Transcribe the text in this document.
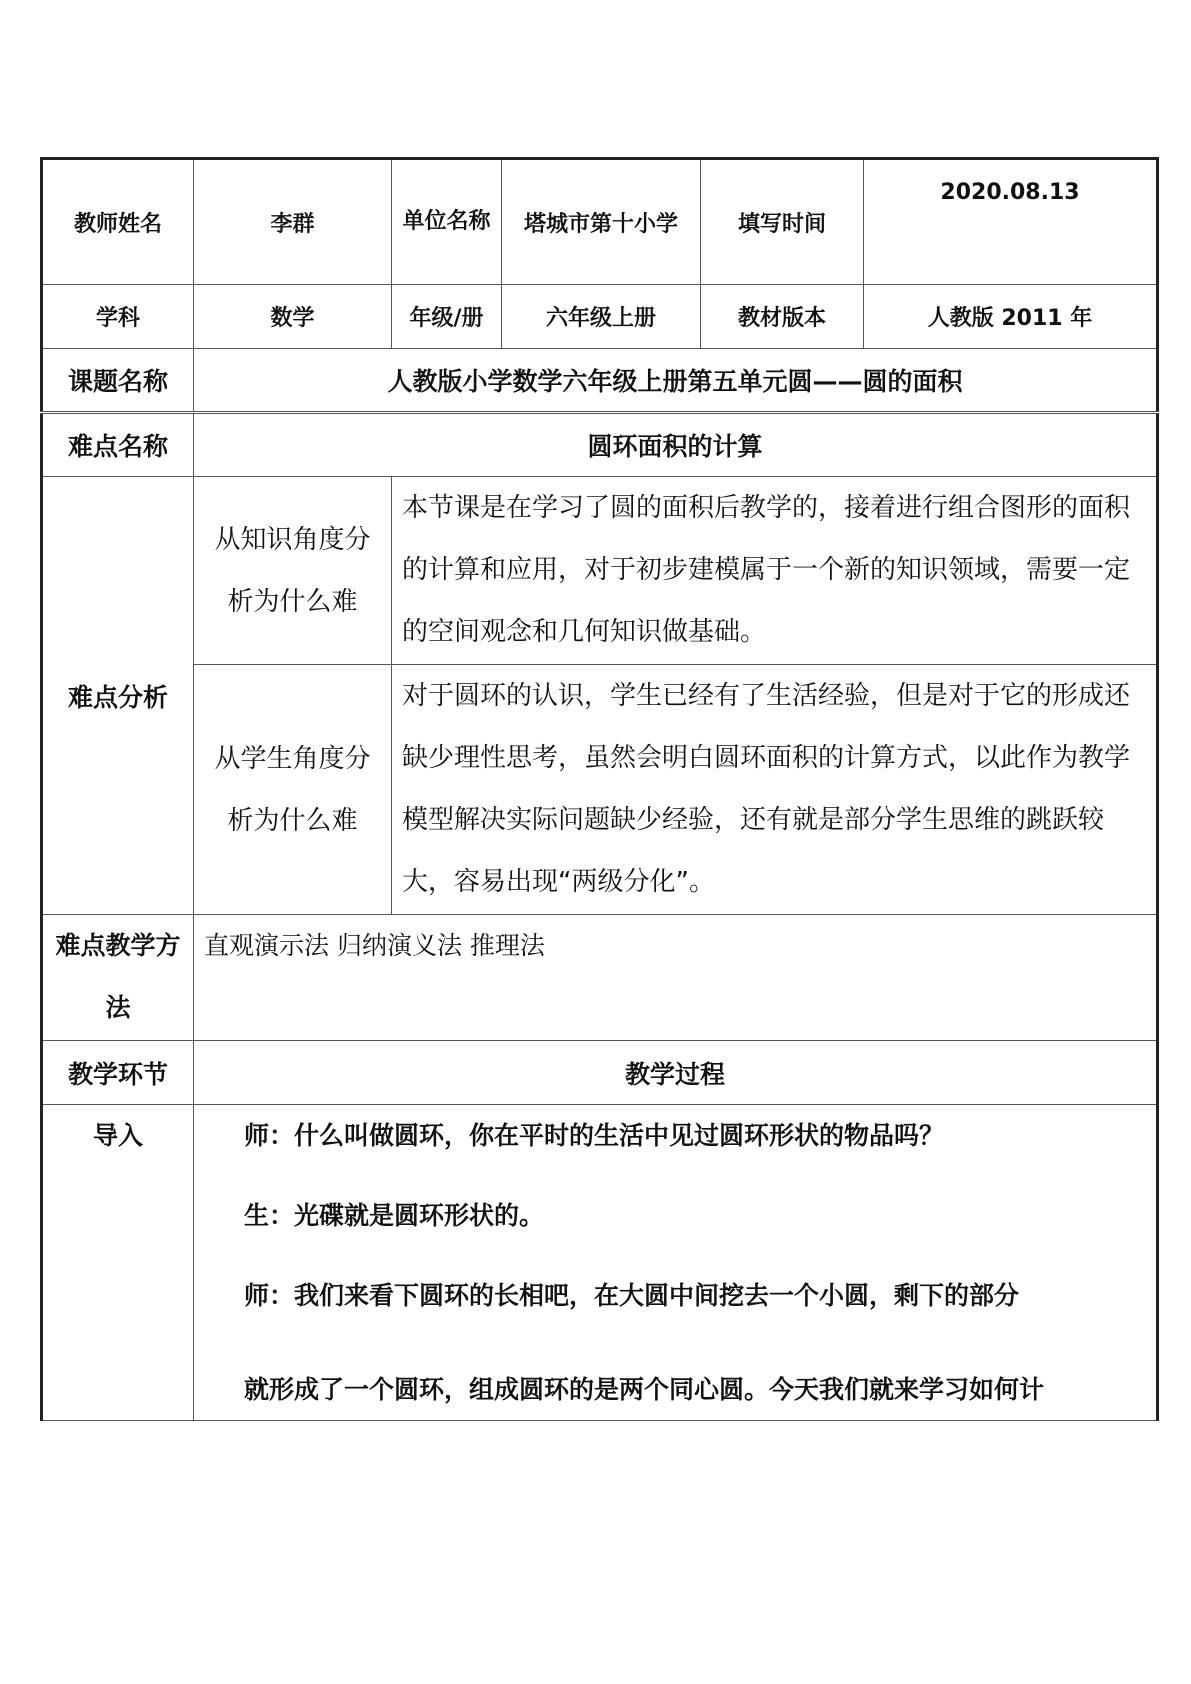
教师姓名	李群	单位名称	塔城市第十小学	填写时间	2020.08.13
学科	数学	年级/册	六年级上册	教材版本	人教版 2011 年
课题名称	人教版小学数学六年级上册第五单元圆——圆的面积				
难点名称	圆环面积的计算				
难点分析	从知识角度分析为什么难	本节课是在学习了圆的面积后教学的，接着进行组合图形的面积的计算和应用，对于初步建模属于一个新的知识领域，需要一定的空间观念和几何知识做基础。			
	从学生角度分析为什么难	对于圆环的认识，学生已经有了生活经验，但是对于它的形成还缺少理性思考，虽然会明白圆环面积的计算方式，以此作为教学模型解决实际问题缺少经验，还有就是部分学生思维的跳跃较大，容易出现“两级分化”。			
难点教学方法	直观演示法 归纳演义法 推理法				
教学环节	教学过程				
导入	师：什么叫做圆环，你在平时的生活中见过圆环形状的物品吗？
生：光碟就是圆环形状的。
师：我们来看下圆环的长相吧，在大圆中间挖去一个小圆，剩下的部分
就形成了一个圆环，组成圆环的是两个同心圆。今天我们就来学习如何计				
